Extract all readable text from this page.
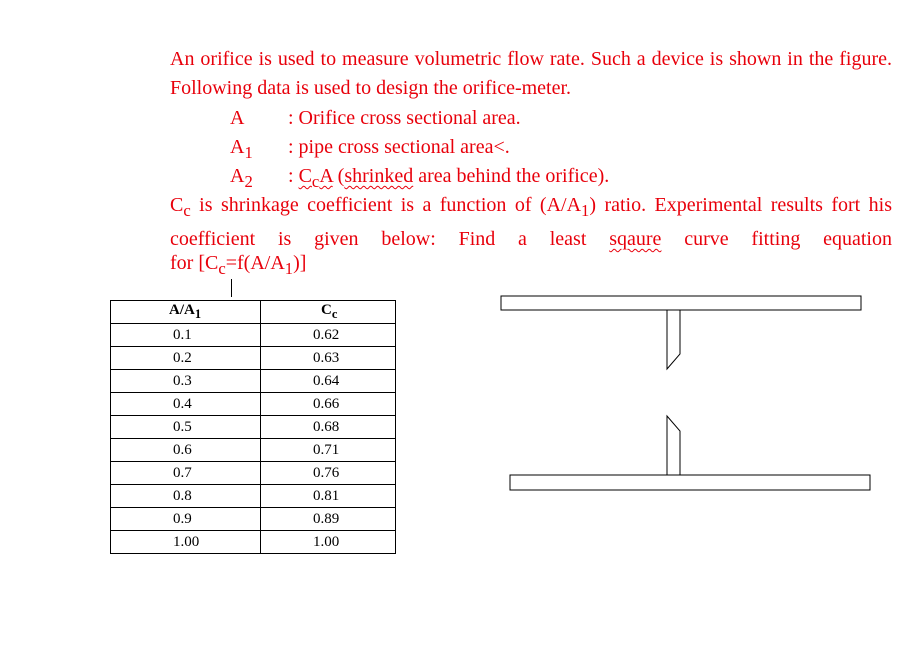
An orifice is used to measure volumetric flow rate. Such a device is shown in the figure. Following data is used to design the orifice-meter.

A : Orifice cross sectional area.
$A_1$ : pipe cross sectional area<.
$A_2$ : $C_cA$ (shrinked area behind the orifice).

$C_c$ is shrinkage coefficient is a function of $(A/A_1)$ ratio. Experimental results fort his coefficient is given below: Find a least sqaure curve fitting equation

for $[C_c=f(A/A_1)]$

$A/A_1$	$C_c$
0.1	0.62
0.2	0.63
0.3	0.64
0.4	0.66
0.5	0.68
0.6	0.71
0.7	0.76
0.8	0.81
0.9	0.89
1.00	1.00
